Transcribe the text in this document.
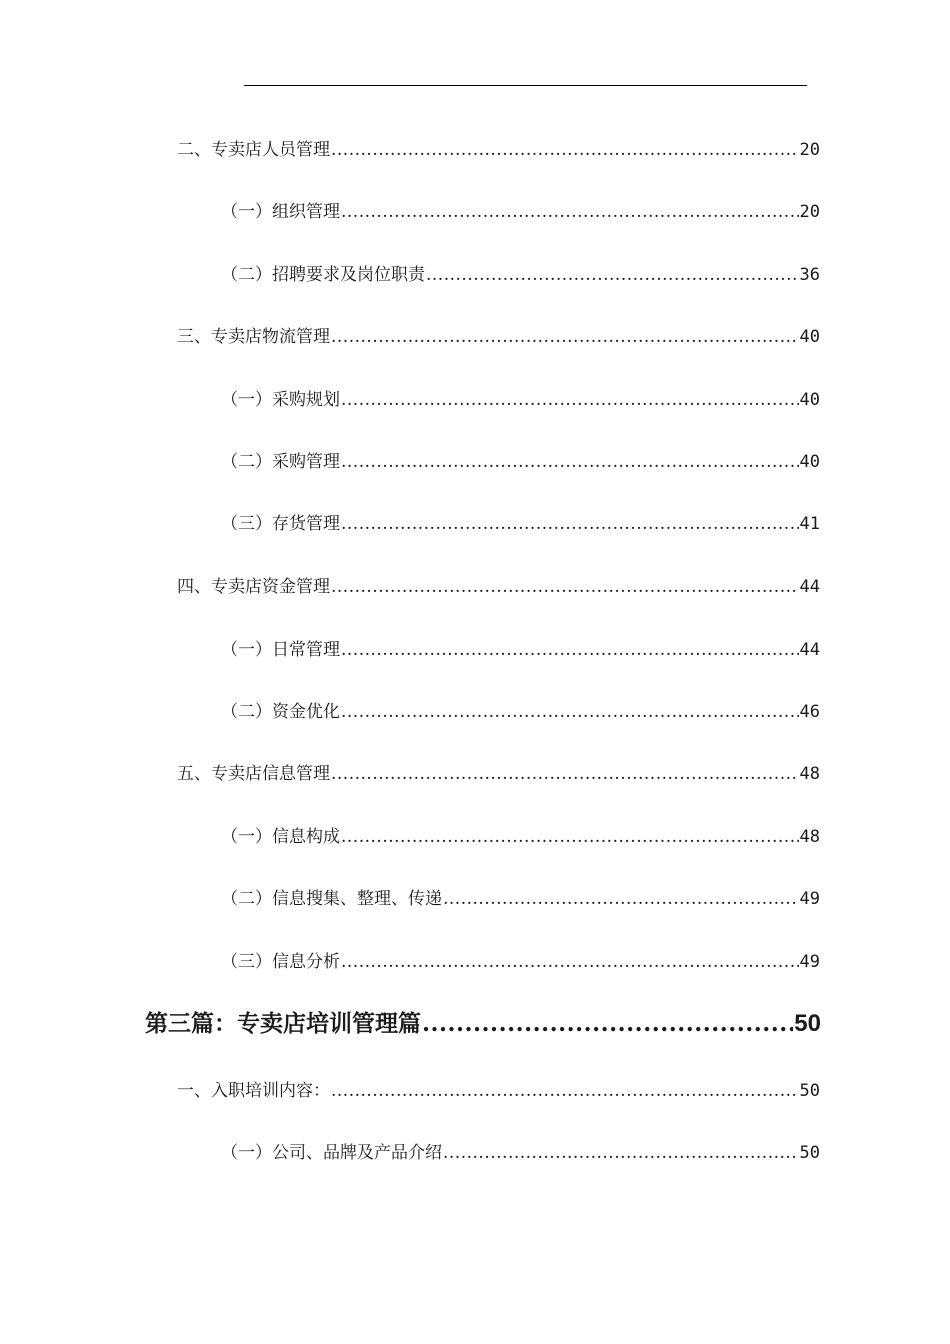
二、专卖店人员管理 .....	20
（一）组织管理 .....	20
（二）招聘要求及岗位职责 .....	36
三、专卖店物流管理 .....	40
（一）采购规划 .....	40
（二）采购管理 .....	40
（三）存货管理 .....	41
四、专卖店资金管理 .....	44
（一）日常管理 .....	44
（二）资金优化 .....	46
五、专卖店信息管理 .....	48
（一）信息构成 .....	48
（二）信息搜集、整理、传递 .....	49
（三）信息分析 .....	49
第三篇：专卖店培训管理篇 .....	50
一、入职培训内容： .....	50
（一）公司、品牌及产品介绍 .....	50
